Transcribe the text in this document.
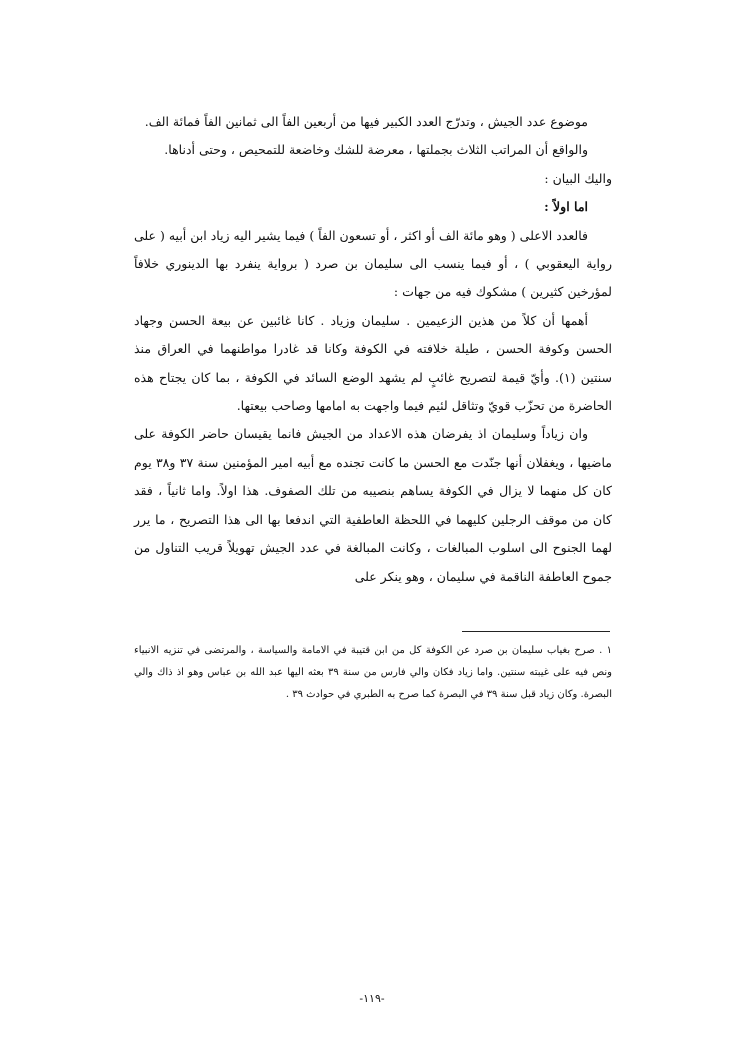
موضوع عدد الجيش ، وتدرّج العدد الكبير فيها من أربعين الفاً الى ثمانين الفاً فمائة الف.

والواقع أن المراتب الثلاث بجملتها ، معرضة للشك وخاضعة للتمحيص ، وحتى أدناها.

واليك البيان :

اما اولاً :

فالعدد الاعلى ( وهو مائة الف أو اكثر ، أو تسعون الفاً ) فيما يشير اليه زياد ابن أبيه ( على رواية اليعقوبي ) ، أو فيما ينسب الى سليمان بن صرد ( برواية ينفرد بها الدينوري خلافاً لمؤرخين كثيرين ) مشكوك فيه من جهات :

أهمها أن كلاً من هذين الزعيمين . سليمان وزياد . كانا غائبين عن بيعة الحسن وجهاد الحسن وكوفة الحسن ، طيلة خلافته في الكوفة وكانا قد غادرا مواطنهما في العراق منذ سنتين (١). وأيّ قيمة لتصريح غائبٍ لم يشهد الوضع السائد في الكوفة ، بما كان يجتاح هذه الحاضرة من تحزّب قويّ وتثاقل لئيم فيما واجهت به امامها وصاحب بيعتها.

وان زياداً وسليمان اذ يفرضان هذه الاعداد من الجيش فانما يقيسان حاضر الكوفة على ماضيها ، ويغفلان أنها جنّدت مع الحسن ما كانت تجنده مع أبيه امير المؤمنين سنة ٣٧ و٣٨ يوم كان كل منهما لا يزال في الكوفة يساهم بنصيبه من تلك الصفوف. هذا اولاً. واما ثانياً ، فقد كان من موقف الرجلين كليهما في اللحظة العاطفية التي اندفعا بها الى هذا التصريح ، ما يرر لهما الجنوح الى اسلوب المبالغات ، وكانت المبالغة في عدد الجيش تهويلاً قريب التناول من جموح العاطفة الناقمة في سليمان ، وهو ينكر على

١ . صرح بغياب سليمان بن صرد عن الكوفة كل من ابن قتيبة في الامامة والسياسة ، والمرتضى في تنزيه الانبياء ونص فيه على غيبته سنتين. واما زياد فكان والي فارس من سنة ٣٩ بعثه اليها عبد الله بن عباس وهو اذ ذاك والي البصرة. وكان زياد قبل سنة ٣٩ في البصرة كما صرح به الطبري في حوادث ٣٩ .

-١١٩-
